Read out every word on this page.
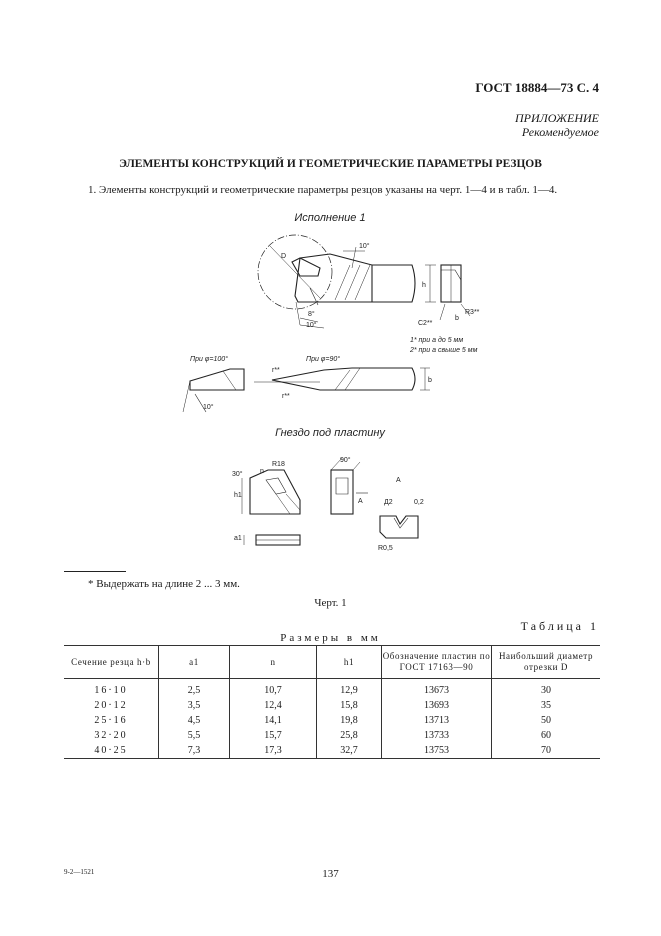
ГОСТ 18884—73 С. 4
ПРИЛОЖЕНИЕ
Рекомендуемое
ЭЛЕМЕНТЫ КОНСТРУКЦИЙ И ГЕОМЕТРИЧЕСКИЕ ПАРАМЕТРЫ РЕЗЦОВ
1. Элементы конструкций и геометрические параметры резцов указаны на черт. 1—4 и в табл. 1—4.
Исполнение 1
D
10°
8°
10°
h
b
С2**
R3**
1* при а до 5 мм
2* при а свыше 5 мм
При φ=100°	При φ=90°
10°
r**
r**
b
Гнездо под пластину
30°
R18
n
h1
a1
90°
А
А
Д2	0,2
R0,5
* Выдержать на длине 2 ... 3 мм.
Черт. 1
Таблица 1
Размеры в мм
Сечение резца h·b	a1	n	h1	Обозначение пластин по ГОСТ 17163—90	Наибольший диаметр отрезки D
16·10	2,5	10,7	12,9	13673	30
20·12	3,5	12,4	15,8	13693	35
25·16	4,5	14,1	19,8	13713	50
32·20	5,5	15,7	25,8	13733	60
40·25	7,3	17,3	32,7	13753	70
9-2—1521	137
